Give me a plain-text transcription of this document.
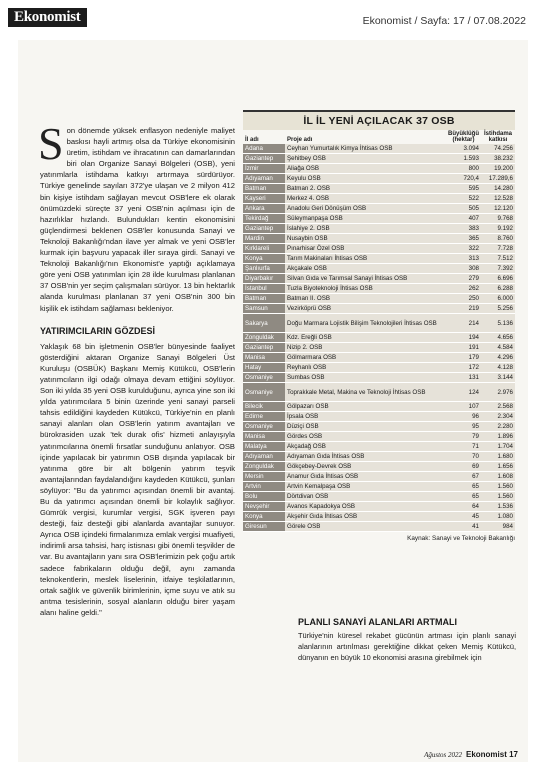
Ekonomist	Ekonomist / Sayfa: 17 / 07.08.2022

Son dönemde yüksek enflasyon nedeniyle maliyet baskısı hayli artmış olsa da Türkiye ekonomisinin üretim, istihdam ve ihracatının can damarlarından biri olan Organize Sanayi Bölgeleri (OSB), yeni yatırımlarla istihdama katkıyı artırmaya sürdürüyor. Türkiye genelinde sayıları 372'ye ulaşan ve 2 milyon 412 bin kişiye istihdam sağlayan mevcut OSB'lere ek olarak önümüzdeki süreçte 37 yeni OSB'nin açılması için de hazırlıklar hızlandı. Bulundukları kentin ekonomisini güçlendirmesi beklenen OSB'ler konusunda Sanayi ve Teknoloji Bakanlığı'ndan ilave yer almak ve yeni OSB'ler kurmak için başvuru yapacak iller sıraya girdi. Sanayi ve Teknoloji Bakanlığı'nın Ekonomist'e yaptığı açıklamaya göre yeni OSB yatırımları için 28 ilde kurulması planlanan 37 OSB'nin yer seçim çalışmaları sürüyor. 13 bin hektarlık alanda kurulması planlanan 37 yeni OSB'nin 300 bin kişilik ek istihdam sağlaması bekleniyor.

YATIRIMCILARIN GÖZDESİ

Yaklaşık 68 bin işletmenin OSB'ler bünyesinde faaliyet gösterdiğini aktaran Organize Sanayi Bölgeleri Üst Kuruluşu (OSBÜK) Başkanı Memiş Kütükcü, OSB'lerin yatırımcıların ilgi odağı olmaya devam ettiğini söylüyor. Son iki yılda 35 yeni OSB kurulduğunu, ayrıca yine son iki yılda yatırımcılara 5 binin üzerinde yeni sanayi parseli tahsis edildiğini kaydeden Kütükcü, Türkiye'nin en planlı sanayi alanları olan OSB'lerin yatırım avantajları ve bürokrasiden uzak 'tek durak ofis' hizmeti anlayışıyla yatırımcılarına önemli fırsatlar sunduğunu anlatıyor. OSB içinde yapılacak bir yatırımın OSB dışında yapılacak bir yatırıma göre bir alt bölgenin yatırım teşvik avantajlarından faydalandığını kaydeden Kütükcü, şunları söylüyor: "Bu da yatırımcı açısından önemli bir avantaj. Bu da yatırımcı açısından önemli bir kolaylık sağlıyor. Gümrük vergisi, kurumlar vergisi, SGK işveren payı desteği, faiz desteği gibi alanlarda avantajlar sunuyor. Ayrıca OSB içindeki firmalarımıza emlak vergisi muafiyeti, indirimli arsa tahsisi, harç istisnası gibi önemli teşvikler de var. Bu avantajların yanı sıra OSB'lerimizin pek çoğu artık sadece fabrikaların olduğu değil, aynı zamanda teknokentlerin, meslek liselerinin, itfaiye teşkilatlarının, ortak sağlık ve güvenlik birimlerinin, içme suyu ve atık su arıtma tesislerinin, sosyal alanların olduğu birer yaşam alanı haline geldi."

İL İL YENİ AÇILACAK 37 OSB
İl adı	Proje adı	Büyüklüğü (hektar)	İstihdama katkısı
Adana	Ceyhan Yumurtalık Kimya İhtisas OSB	3.094	74.256
Gaziantep	Şehitbey OSB	1.593	38.232
İzmir	Aliağa OSB	800	19.200
Adıyaman	Keyulu OSB	720,4	17.289,6
Batman	Batman 2. OSB	595	14.280
Kayseri	Merkez 4. OSB	522	12.528
Ankara	Anadolu Geri Dönüşüm OSB	505	12.120
Tekirdağ	Süleymanpaşa OSB	407	9.768
Gaziantep	İslahiye 2. OSB	383	9.192
Mardin	Nusaybin OSB	365	8.760
Kırklareli	Pınarhisar Özel OSB	322	7.728
Konya	Tarım Makinaları İhtisas OSB	313	7.512
Şanlıurfa	Akçakale OSB	308	7.392
Diyarbakır	Silvan Gıda ve Tarımsal Sanayi İhtisas OSB	279	6.696
İstanbul	Tuzla Biyoteknoloji İhtisas OSB	262	6.288
Batman	Batman II. OSB	250	6.000
Samsun	Vezirköprü OSB	219	5.256
Sakarya	Doğu Marmara Lojistik Bilişim Teknolojileri İhtisas OSB	214	5.136
Zonguldak	Kdz. Ereğli OSB	194	4.656
Gaziantep	Nizip 2. OSB	191	4.584
Manisa	Gölmarmara OSB	179	4.296
Hatay	Reyhanlı OSB	172	4.128
Osmaniye	Sumbas OSB	131	3.144
Osmaniye	Toprakkale Metal, Makina ve Teknoloji İhtisas OSB	124	2.976
Bilecik	Gölpazarı OSB	107	2.568
Edirne	İpsala OSB	96	2.304
Osmaniye	Düziçi OSB	95	2.280
Manisa	Gördes OSB	79	1.896
Malatya	Akçadağ OSB	71	1.704
Adıyaman	Adıyaman Gıda İhtisas OSB	70	1.680
Zonguldak	Gökçebey-Devrek OSB	69	1.656
Mersin	Anamur Gıda İhtisas OSB	67	1.608
Artvin	Artvin Kemalpaşa OSB	65	1.560
Bolu	Dörtdivan OSB	65	1.560
Nevşehir	Avanos Kapadokya OSB	64	1.536
Konya	Akşehir Gıda İhtisas OSB	45	1.080
Giresun	Görele OSB	41	984
Kaynak: Sanayi ve Teknoloji Bakanlığı
PLANLI SANAYİ ALANLARI ARTMALI

Türkiye'nin küresel rekabet gücünün artması için planlı sanayi alanlarının artırılması gerektiğine dikkat çeken Memiş Kütükcü, dünyanın en büyük 10 ekonomisi arasına girebilmek için

Ağustos 2022 Ekonomist 17
